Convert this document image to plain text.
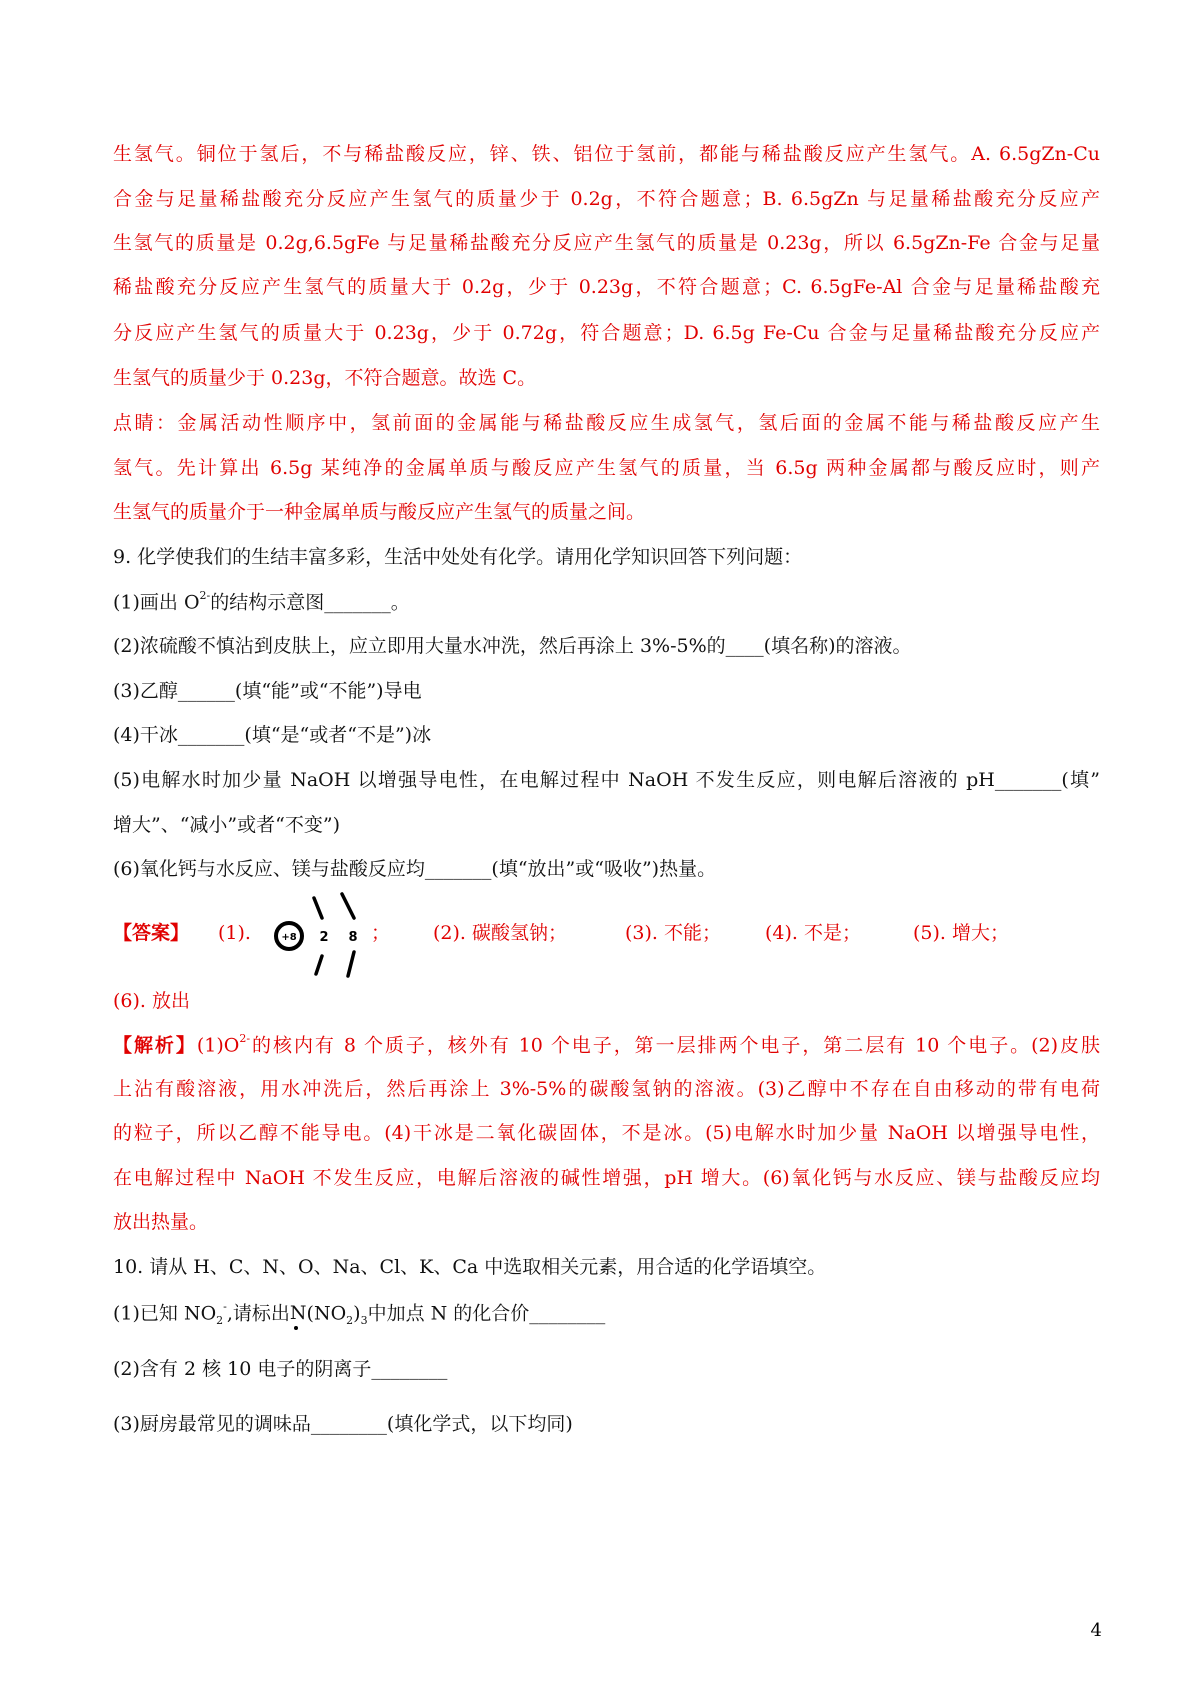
生氢气。铜位于氢后，不与稀盐酸反应，锌、铁、铝位于氢前，都能与稀盐酸反应产生氢气。A. 6.5gZn-Cu
合金与足量稀盐酸充分反应产生氢气的质量少于 0.2g，不符合题意；B. 6.5gZn 与足量稀盐酸充分反应产
生氢气的质量是 0.2g,6.5gFe 与足量稀盐酸充分反应产生氢气的质量是 0.23g，所以 6.5gZn-Fe 合金与足量
稀盐酸充分反应产生氢气的质量大于 0.2g，少于 0.23g，不符合题意；C. 6.5gFe-Al 合金与足量稀盐酸充
分反应产生氢气的质量大于 0.23g，少于 0.72g，符合题意；D. 6.5g Fe-Cu 合金与足量稀盐酸充分反应产
生氢气的质量少于 0.23g，不符合题意。故选 C。
点睛：金属活动性顺序中，氢前面的金属能与稀盐酸反应生成氢气，氢后面的金属不能与稀盐酸反应产生
氢气。先计算出 6.5g 某纯净的金属单质与酸反应产生氢气的质量，当 6.5g 两种金属都与酸反应时，则产
生氢气的质量介于一种金属单质与酸反应产生氢气的质量之间。
9. 化学使我们的生结丰富多彩，生活中处处有化学。请用化学知识回答下列问题：
(1)画出 $O^{2-}$的结构示意图_______。
(2)浓硫酸不慎沾到皮肤上，应立即用大量水冲洗，然后再涂上 3%-5%的____(填名称)的溶液。
(3)乙醇______(填“能”或“不能”)导电
(4)干冰_______(填“是“或者“不是”)冰
(5)电解水时加少量 NaOH 以增强导电性，在电解过程中 NaOH 不发生反应，则电解后溶液的 pH_______(填”
增大”、“减小”或者“不变”)
(6)氧化钙与水反应、镁与盐酸反应均_______(填“放出”或“吸收”)热量。
【答案】 (1).	； (2). 碳酸氢钠；	(3). 不能； (4). 不是；	(5). 增大；
+8 2 8
(6). 放出
【解析】$(1)O^{2-}$的核内有 8 个质子，核外有 10 个电子，第一层排两个电子，第二层有 10 个电子。(2)皮肤
上沾有酸溶液，用水冲洗后，然后再涂上 3%-5%的碳酸氢钠的溶液。(3)乙醇中不存在自由移动的带有电荷
的粒子，所以乙醇不能导电。(4)干冰是二氧化碳固体，不是冰。(5)电解水时加少量 NaOH 以增强导电性，
在电解过程中 NaOH 不发生反应，电解后溶液的碱性增强，pH 增大。(6)氧化钙与水反应、镁与盐酸反应均
放出热量。
10. 请从 H、C、N、O、Na、Cl、K、Ca 中选取相关元素，用合适的化学语填空。
(1)已知 $NO_2^-$,请标出$N(NO_2)_3$中加点 N 的化合价________
(2)含有 2 核 10 电子的阴离子________
(3)厨房最常见的调味品________(填化学式，以下均同)
4
